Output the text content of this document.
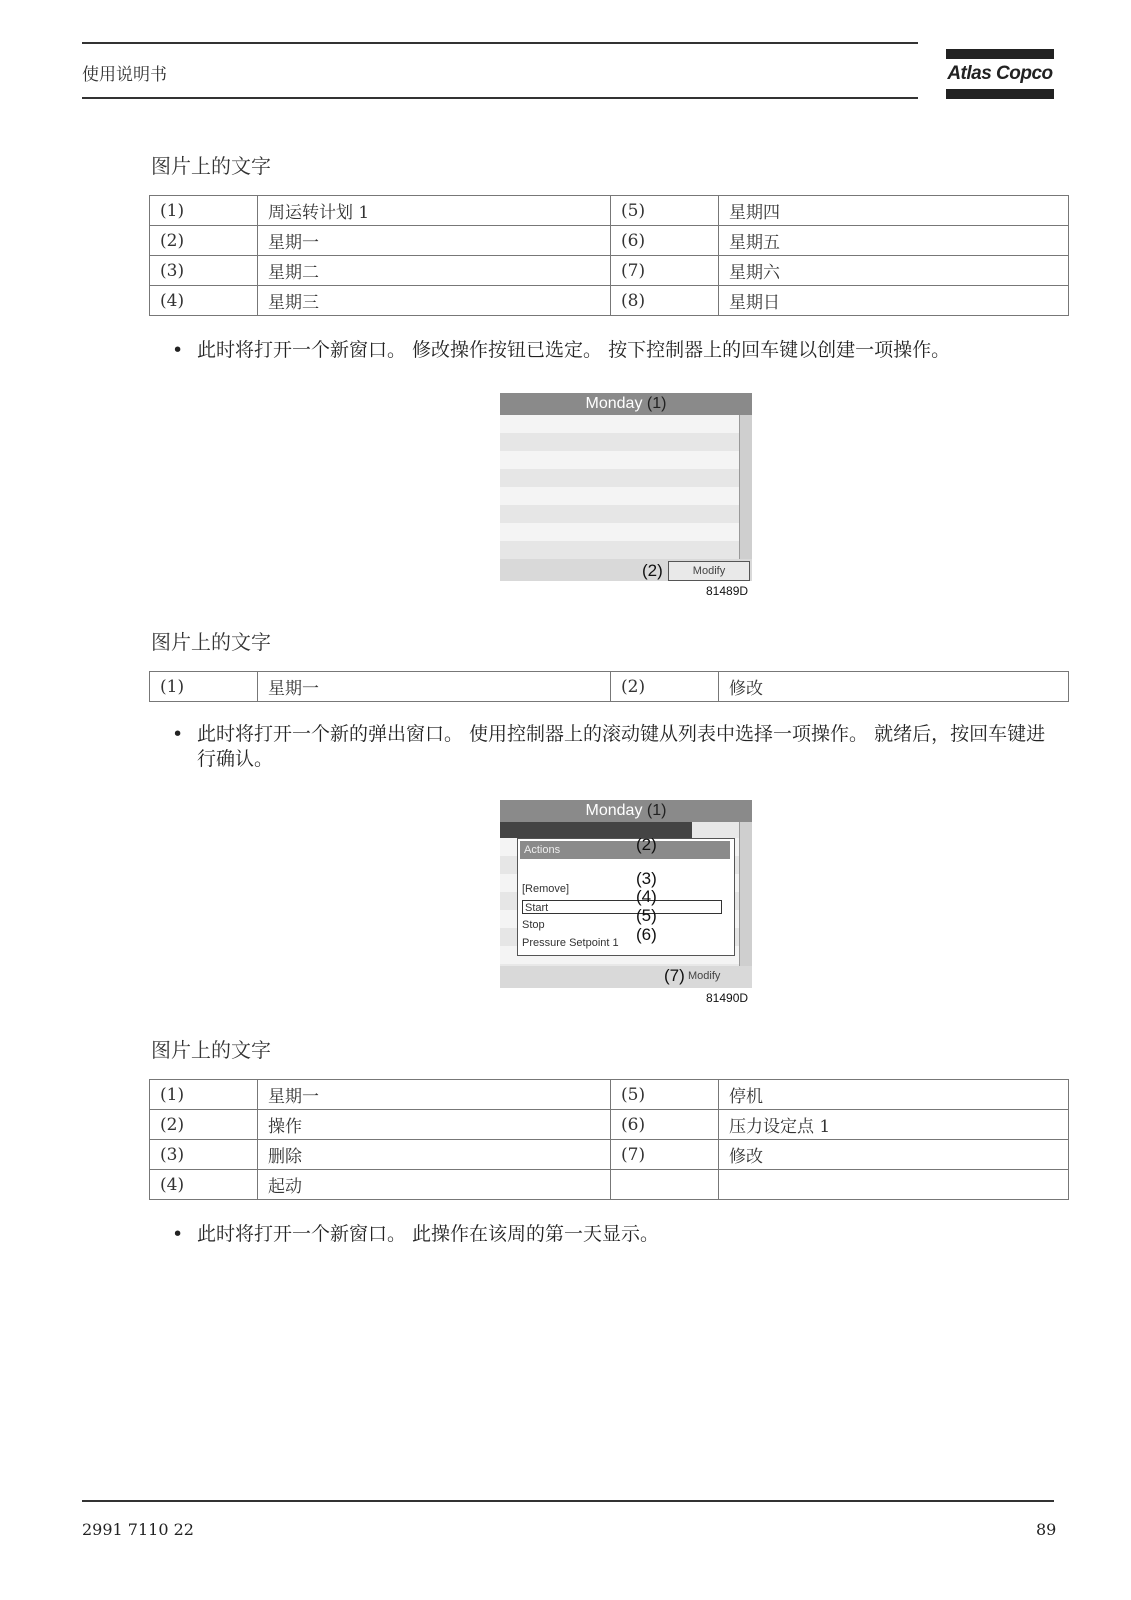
使用说明书	Atlas Copco
图片上的文字
(1)	周运转计划 1	(5)	星期四
(2)	星期一	(6)	星期五
(3)	星期二	(7)	星期六
(4)	星期三	(8)	星期日
• 此时将打开一个新窗口。 修改操作按钮已选定。 按下控制器上的回车键以创建一项操作。
Monday (1)
(2)	Modify
81489D
图片上的文字
(1)	星期一	(2)	修改
• 此时将打开一个新的弹出窗口。 使用控制器上的滚动键从列表中选择一项操作。 就绪后，按回车键进行确认。
Monday (1)
Actions
[Remove]
Start
Stop
Pressure Setpoint 1
(2)
(3)
(4)
(5)
(6)
(7) Modify
81490D
图片上的文字
(1)	星期一	(5)	停机
(2)	操作	(6)	压力设定点 1
(3)	删除	(7)	修改
(4)	起动		
• 此时将打开一个新窗口。 此操作在该周的第一天显示。
2991 7110 22	89
